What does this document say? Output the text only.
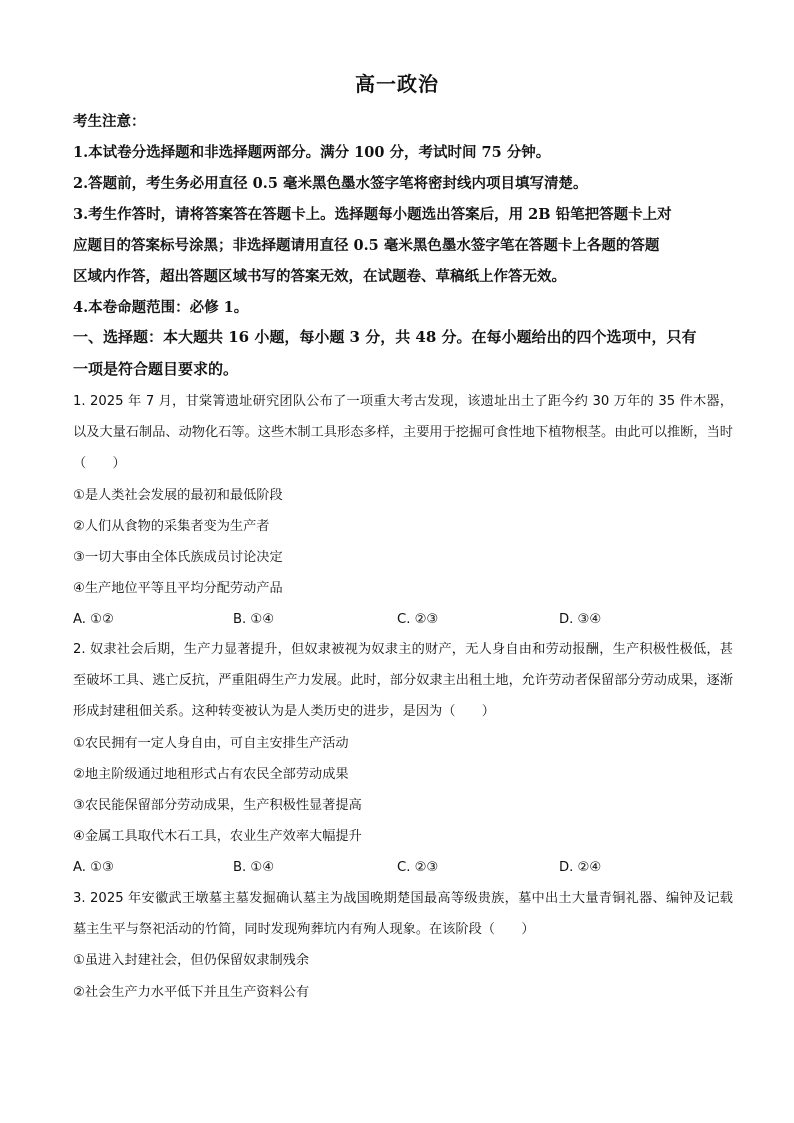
高一政治
考生注意：
1.本试卷分选择题和非选择题两部分。满分 100 分，考试时间 75 分钟。
2.答题前，考生务必用直径 0.5 毫米黑色墨水签字笔将密封线内项目填写清楚。
3.考生作答时，请将答案答在答题卡上。选择题每小题选出答案后，用 2B 铅笔把答题卡上对
应题目的答案标号涂黑；非选择题请用直径 0.5 毫米黑色墨水签字笔在答题卡上各题的答题
区域内作答，超出答题区域书写的答案无效，在试题卷、草稿纸上作答无效。
4.本卷命题范围：必修 1。
一、选择题：本大题共 16 小题，每小题 3 分，共 48 分。在每小题给出的四个选项中，只有
一项是符合题目要求的。

1. 2025 年 7 月，甘棠箐遗址研究团队公布了一项重大考古发现，该遗址出土了距今约 30 万年的 35 件木器，以及大量石制品、动物化石等。这些木制工具形态多样，主要用于挖掘可食性地下植物根茎。由此可以推断，当时（　　）

①是人类社会发展的最初和最低阶段

②人们从食物的采集者变为生产者

③一切大事由全体氏族成员讨论决定

④生产地位平等且平均分配劳动产品

A. ①②	B. ①④	C. ②③	D. ③④

2. 奴隶社会后期，生产力显著提升，但奴隶被视为奴隶主的财产，无人身自由和劳动报酬，生产积极性极低，甚至破坏工具、逃亡反抗，严重阻碍生产力发展。此时，部分奴隶主出租土地，允许劳动者保留部分劳动成果，逐渐形成封建租佃关系。这种转变被认为是人类历史的进步，是因为（　　）

①农民拥有一定人身自由，可自主安排生产活动

②地主阶级通过地租形式占有农民全部劳动成果

③农民能保留部分劳动成果，生产积极性显著提高

④金属工具取代木石工具，农业生产效率大幅提升

A. ①③	B. ①④	C. ②③	D. ②④

3. 2025 年安徽武王墩墓主墓发掘确认墓主为战国晚期楚国最高等级贵族，墓中出土大量青铜礼器、编钟及记载墓主生平与祭祀活动的竹简，同时发现殉葬坑内有殉人现象。在该阶段（　　）

①虽进入封建社会，但仍保留奴隶制残余

②社会生产力水平低下并且生产资料公有
